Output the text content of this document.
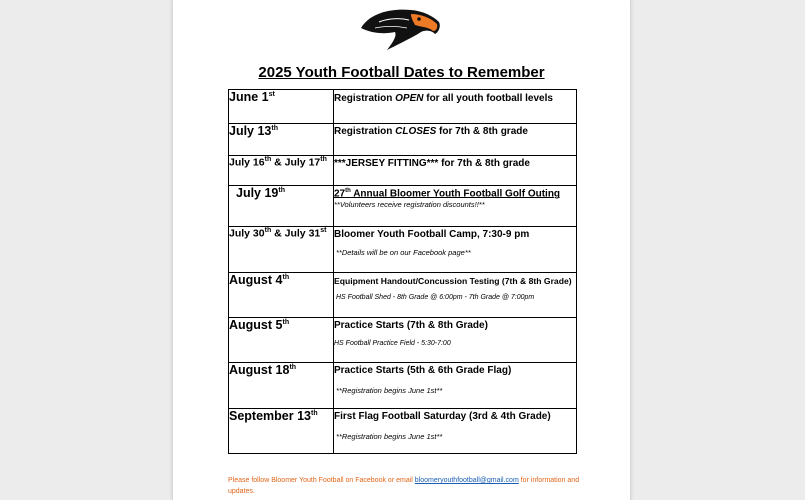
2025 Youth Football Dates to Remember
June 1st	Registration OPEN for all youth football levels

July 13th	Registration CLOSES for 7th & 8th grade

July 16th & July 17th	***JERSEY FITTING*** for 7th & 8th grade

July 19th	27th Annual Bloomer Youth Football Golf Outing
**Volunteers receive registration discounts!!**

July 30th & July 31st	Bloomer Youth Football Camp, 7:30-9 pm
**Details will be on our Facebook page**

August 4th	Equipment Handout/Concussion Testing (7th & 8th Grade)
HS Football Shed - 8th Grade @ 6:00pm - 7th Grade @ 7:00pm

August 5th	Practice Starts (7th & 8th Grade)
HS Football Practice Field - 5:30-7:00

August 18th	Practice Starts (5th & 6th Grade Flag)
**Registration begins June 1st**

September 13th	First Flag Football Saturday (3rd & 4th Grade)
**Registration begins June 1st**
Please follow Bloomer Youth Football on Facebook or email bloomeryouthfootball@gmail.com for information and updates.
